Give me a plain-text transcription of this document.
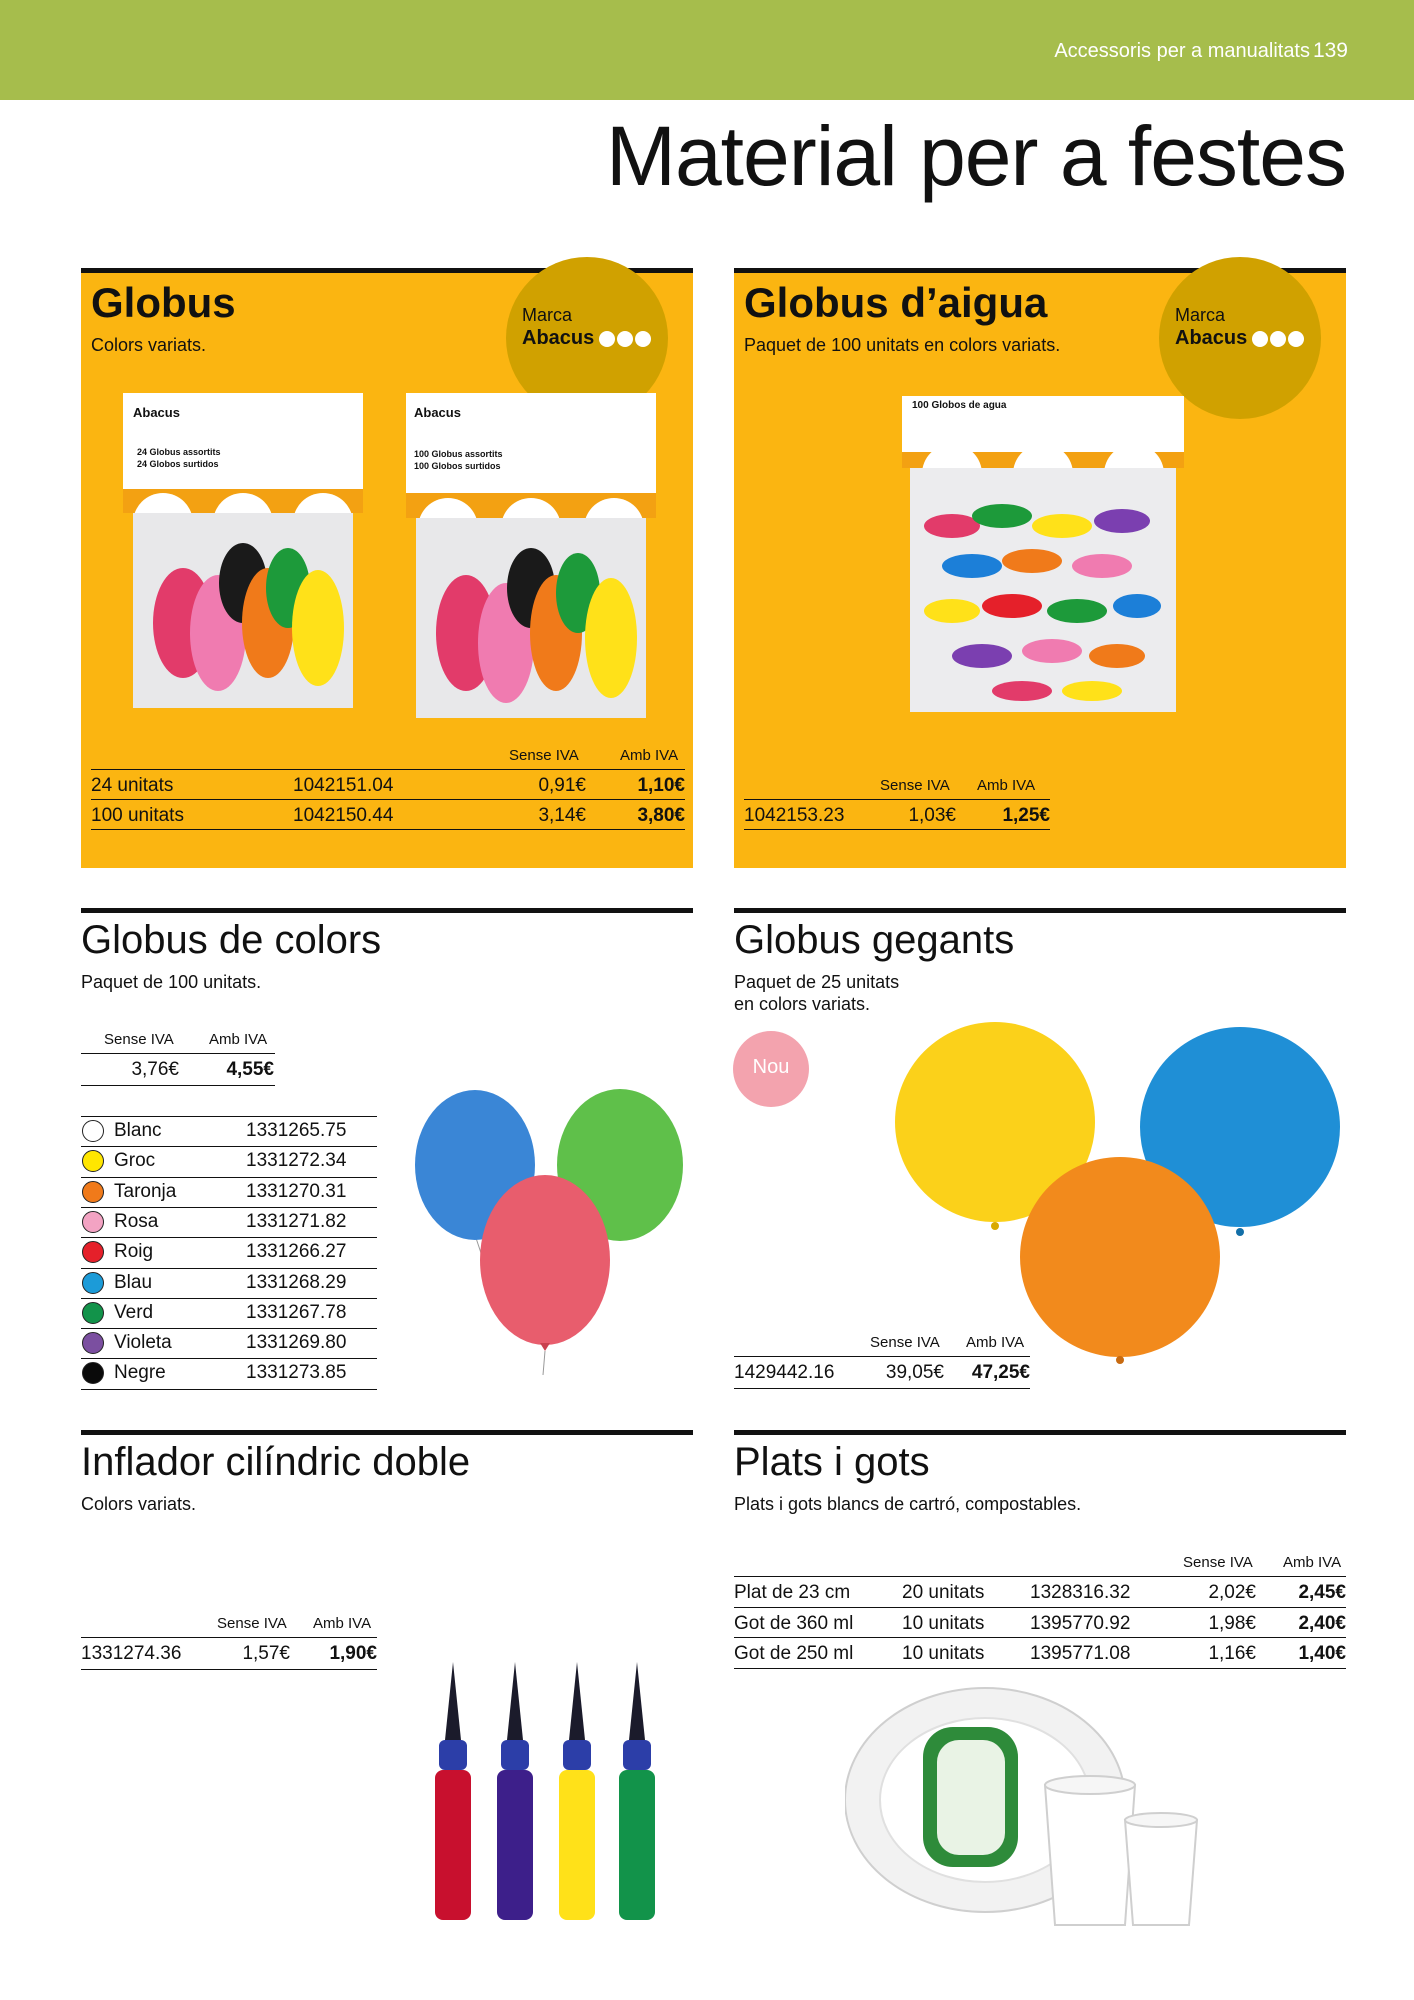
Accessoris per a manualitats 139
Material per a festes
Globus
Colors variats.
Marca
Abacus
Abacus
24 Globus assortits
24 Globos surtidos
Abacus
100 Globus assortits
100 Globos surtidos
Sense IVA	Amb IVA
24 unitats	1042151.04	0,91€	1,10€
100 unitats	1042150.44	3,14€	3,80€
Globus d’aigua
Paquet de 100 unitats en colors variats.
Marca
Abacus
100 Globos de agua
Sense IVA Amb IVA
1042153.23	1,03€	1,25€
Globus de colors
Paquet de 100 unitats.
Sense IVA Amb IVA
3,76€	4,55€
Blanc	1331265.75
Groc	1331272.34
Taronja	1331270.31
Rosa	1331271.82
Roig	1331266.27
Blau	1331268.29
Verd	1331267.78
Violeta	1331269.80
Negre	1331273.85
Globus gegants
Paquet de 25 unitats
en colors variats.
Nou
Sense IVA Amb IVA
1429442.16	39,05€	47,25€
Inflador cilíndric doble
Colors variats.
Sense IVA Amb IVA
1331274.36	1,57€	1,90€
Plats i gots
Plats i gots blancs de cartró, compostables.
Sense IVA Amb IVA
Plat de 23 cm	20 unitats 1328316.32	2,02€	2,45€
Got de 360 ml	10 unitats 1395770.92	1,98€	2,40€
Got de 250 ml	10 unitats 1395771.08	1,16€	1,40€
